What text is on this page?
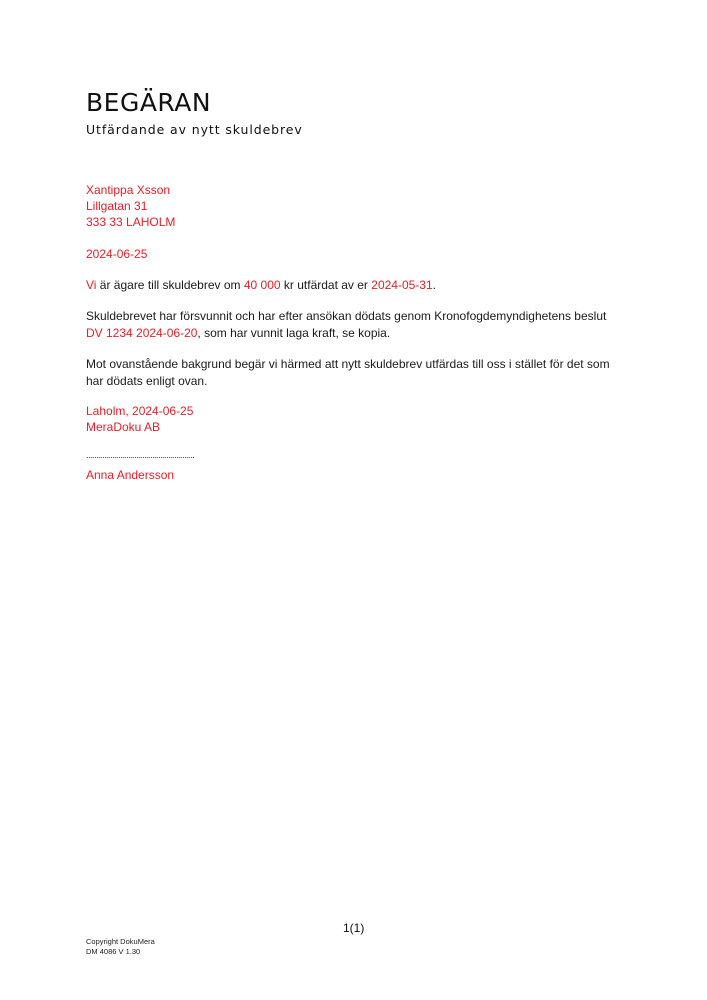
BEGÄRAN
Utfärdande av nytt skuldebrev
Xantippa Xsson
Lillgatan 31
333 33 LAHOLM
2024-06-25

Vi är ägare till skuldebrev om 40 000 kr utfärdat av er 2024-05-31.

Skuldebrevet har försvunnit och har efter ansökan dödats genom Kronofogdemyndighetens beslut DV 1234 2024-06-20, som har vunnit laga kraft, se kopia.

Mot ovanstående bakgrund begär vi härmed att nytt skuldebrev utfärdas till oss i stället för det som har dödats enligt ovan.

Laholm, 2024-06-25
MeraDoku AB
......................................................
Anna Andersson
1(1)
Copyright DokuMera
DM 4086 V 1.30
